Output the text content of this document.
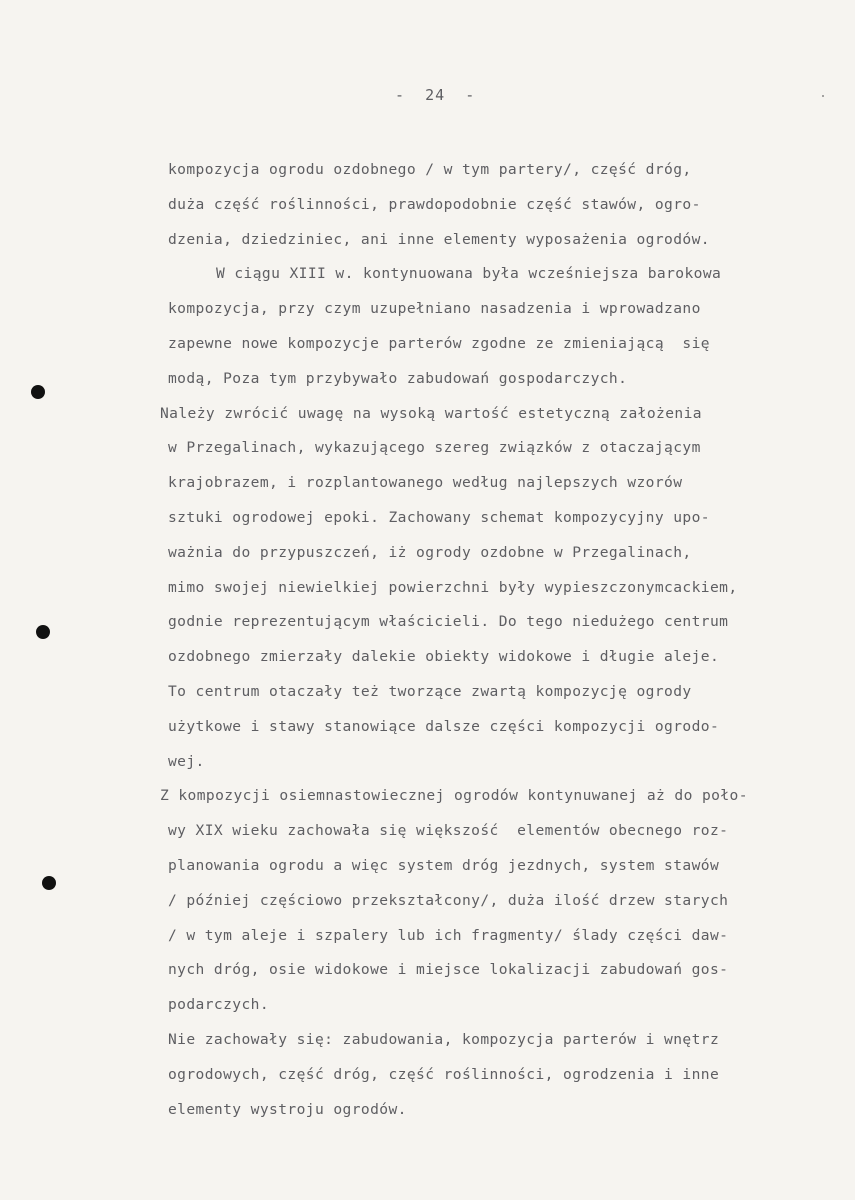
-  24  -
kompozycja ogrodu ozdobnego / w tym partery/, część dróg,
duża część roślinności, prawdopodobnie część stawów, ogro-
dzenia, dziedziniec, ani inne elementy wyposażenia ogrodów.
W ciągu XIII w. kontynuowana była wcześniejsza barokowa
kompozycja, przy czym uzupełniano nasadzenia i wprowadzano
zapewne nowe kompozycje parterów zgodne ze zmieniającą  się
modą, Poza tym przybywało zabudowań gospodarczych.
Należy zwrócić uwagę na wysoką wartość estetyczną założenia
w Przegalinach, wykazującego szereg związków z otaczającym
krajobrazem, i rozplantowanego według najlepszych wzorów
sztuki ogrodowej epoki. Zachowany schemat kompozycyjny upo-
ważnia do przypuszczeń, iż ogrody ozdobne w Przegalinach,
mimo swojej niewielkiej powierzchni były wypieszczonymcackiem,
godnie reprezentującym właścicieli. Do tego niedużego centrum
ozdobnego zmierzały dalekie obiekty widokowe i długie aleje.
To centrum otaczały też tworzące zwartą kompozycję ogrody
użytkowe i stawy stanowiące dalsze części kompozycji ogrodo-
wej.
Z kompozycji osiemnastowiecznej ogrodów kontynuwanej aż do poło-
wy XIX wieku zachowała się większość  elementów obecnego roz-
planowania ogrodu a więc system dróg jezdnych, system stawów
/ później częściowo przekształcony/, duża ilość drzew starych
/ w tym aleje i szpalery lub ich fragmenty/ ślady części daw-
nych dróg, osie widokowe i miejsce lokalizacji zabudowań gos-
podarczych.
Nie zachowały się: zabudowania, kompozycja parterów i wnętrz
ogrodowych, część dróg, część roślinności, ogrodzenia i inne
elementy wystroju ogrodów.
